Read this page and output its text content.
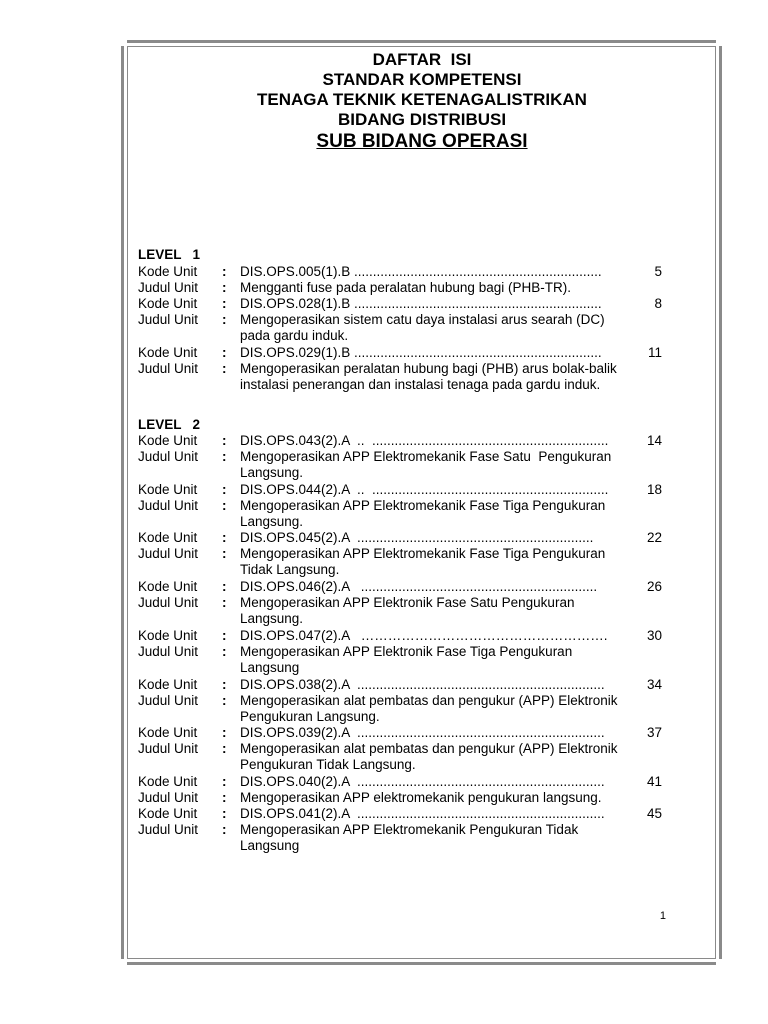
DAFTAR  ISI
STANDAR KOMPETENSI
TENAGA TEKNIK KETENAGALISTRIKAN
BIDANG DISTRIBUSI
SUB BIDANG OPERASI
LEVEL   1
Kode Unit : DIS.OPS.005(1).B ..................................................................	5
Judul Unit : Mengganti fuse pada peralatan hubung bagi (PHB-TR).
Kode Unit : DIS.OPS.028(1).B ..................................................................	8
Judul Unit : Mengoperasikan sistem catu daya instalasi arus searah (DC) pada gardu induk.
Kode Unit : DIS.OPS.029(1).B ..................................................................	11
Judul Unit : Mengoperasikan peralatan hubung bagi (PHB) arus bolak-balik   instalasi penerangan dan instalasi tenaga pada gardu induk.
LEVEL   2
Kode Unit : DIS.OPS.043(2).A  ..  ...............................................................	14
Judul Unit : Mengoperasikan APP Elektromekanik Fase Satu  Pengukuran Langsung.
Kode Unit : DIS.OPS.044(2).A  ..  ...............................................................	18
Judul Unit : Mengoperasikan APP Elektromekanik Fase Tiga Pengukuran Langsung.
Kode Unit : DIS.OPS.045(2).A  ...............................................................	22
Judul Unit : Mengoperasikan APP Elektromekanik Fase Tiga Pengukuran Tidak Langsung.
Kode Unit : DIS.OPS.046(2).A   ...............................................................	26
Judul Unit : Mengoperasikan APP Elektronik Fase Satu Pengukuran Langsung.
Kode Unit : DIS.OPS.047(2).A   ……………………………………………….	30
Judul Unit : Mengoperasikan APP Elektronik Fase Tiga Pengukuran Langsung
Kode Unit : DIS.OPS.038(2).A  ..................................................................	34
Judul Unit : Mengoperasikan alat pembatas dan pengukur (APP) Elektronik Pengukuran Langsung.
Kode Unit : DIS.OPS.039(2).A  ..................................................................	37
Judul Unit : Mengoperasikan alat pembatas dan pengukur (APP) Elektronik Pengukuran Tidak Langsung.
Kode Unit : DIS.OPS.040(2).A  ..................................................................	41
Judul Unit : Mengoperasikan APP elektromekanik pengukuran langsung.
Kode Unit : DIS.OPS.041(2).A  ..................................................................	45
Judul Unit : Mengoperasikan APP Elektromekanik Pengukuran Tidak Langsung
1
